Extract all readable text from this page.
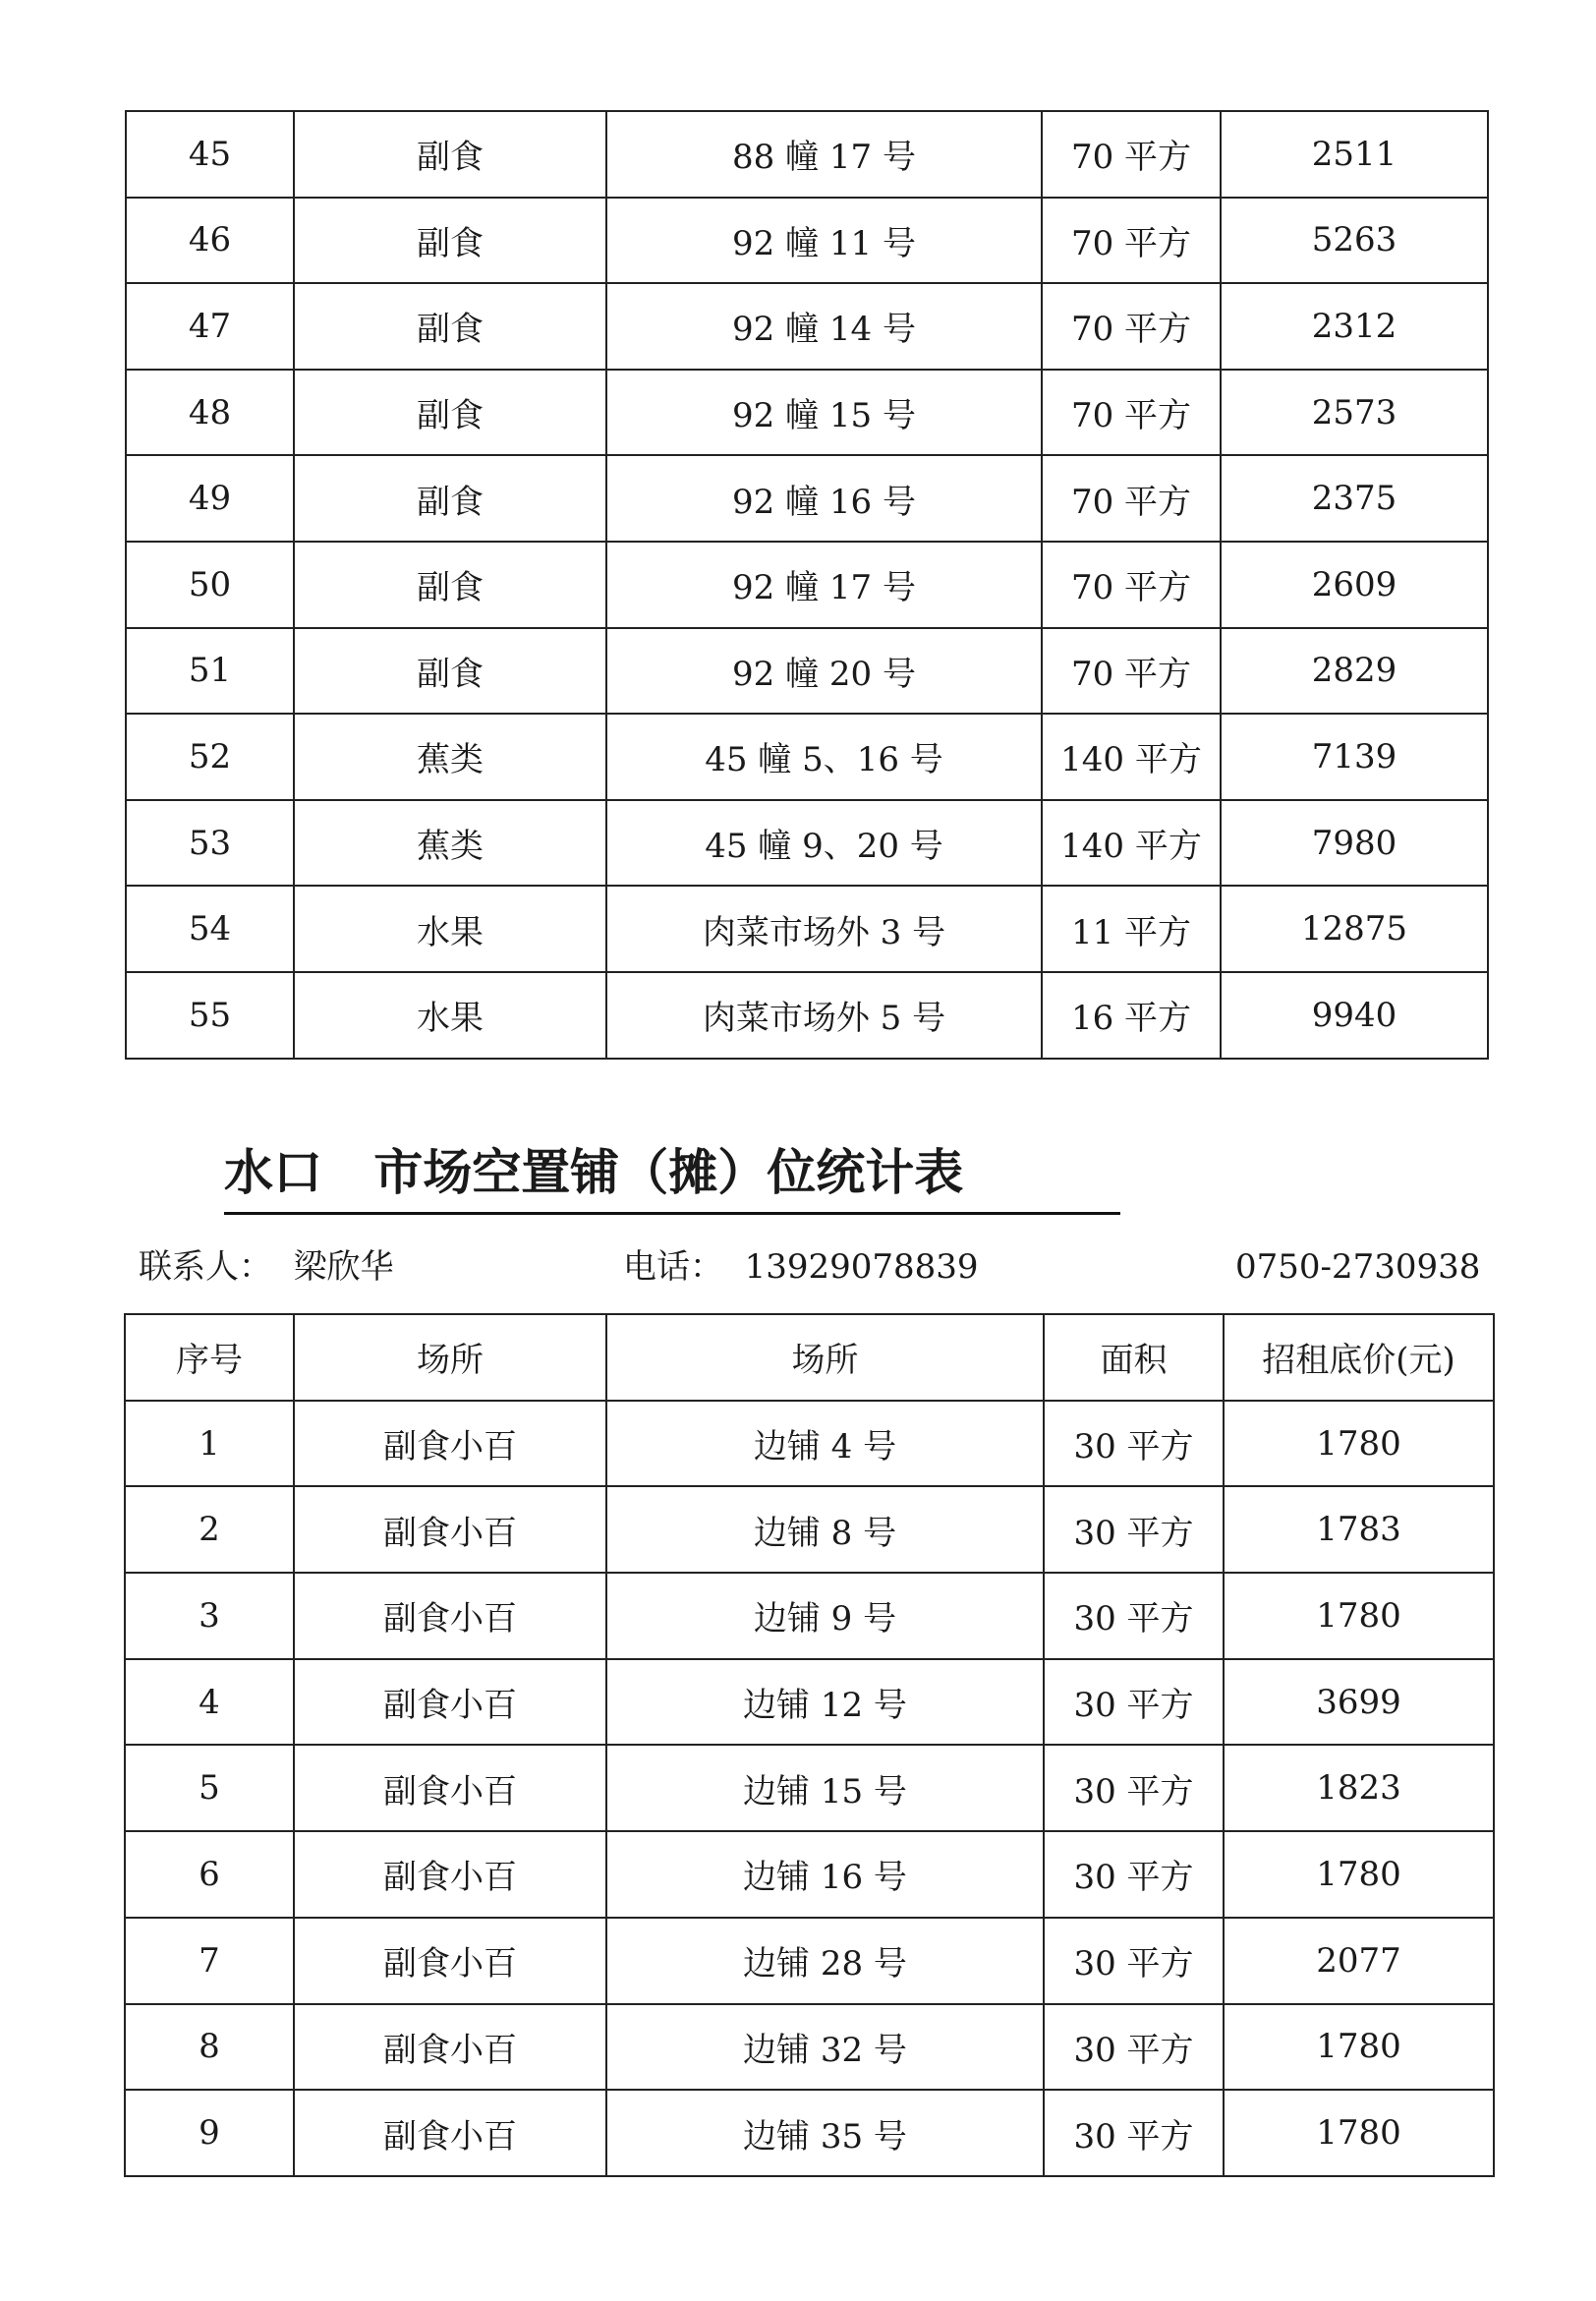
45	副食	88 幢 17 号	70 平方	2511
46	副食	92 幢 11 号	70 平方	5263
47	副食	92 幢 14 号	70 平方	2312
48	副食	92 幢 15 号	70 平方	2573
49	副食	92 幢 16 号	70 平方	2375
50	副食	92 幢 17 号	70 平方	2609
51	副食	92 幢 20 号	70 平方	2829
52	蕉类	45 幢 5、16 号	140 平方	7139
53	蕉类	45 幢 9、20 号	140 平方	7980
54	水果	肉菜市场外 3 号	11 平方	12875
55	水果	肉菜市场外 5 号	16 平方	9940
水口   市场空置铺（摊）位统计表
联系人：  梁欣华	电话：  13929078839	0750-2730938
序号	场所	场所	面积	招租底价(元)
1	副食小百	边铺 4 号	30 平方	1780
2	副食小百	边铺 8 号	30 平方	1783
3	副食小百	边铺 9 号	30 平方	1780
4	副食小百	边铺 12 号	30 平方	3699
5	副食小百	边铺 15 号	30 平方	1823
6	副食小百	边铺 16 号	30 平方	1780
7	副食小百	边铺 28 号	30 平方	2077
8	副食小百	边铺 32 号	30 平方	1780
9	副食小百	边铺 35 号	30 平方	1780
